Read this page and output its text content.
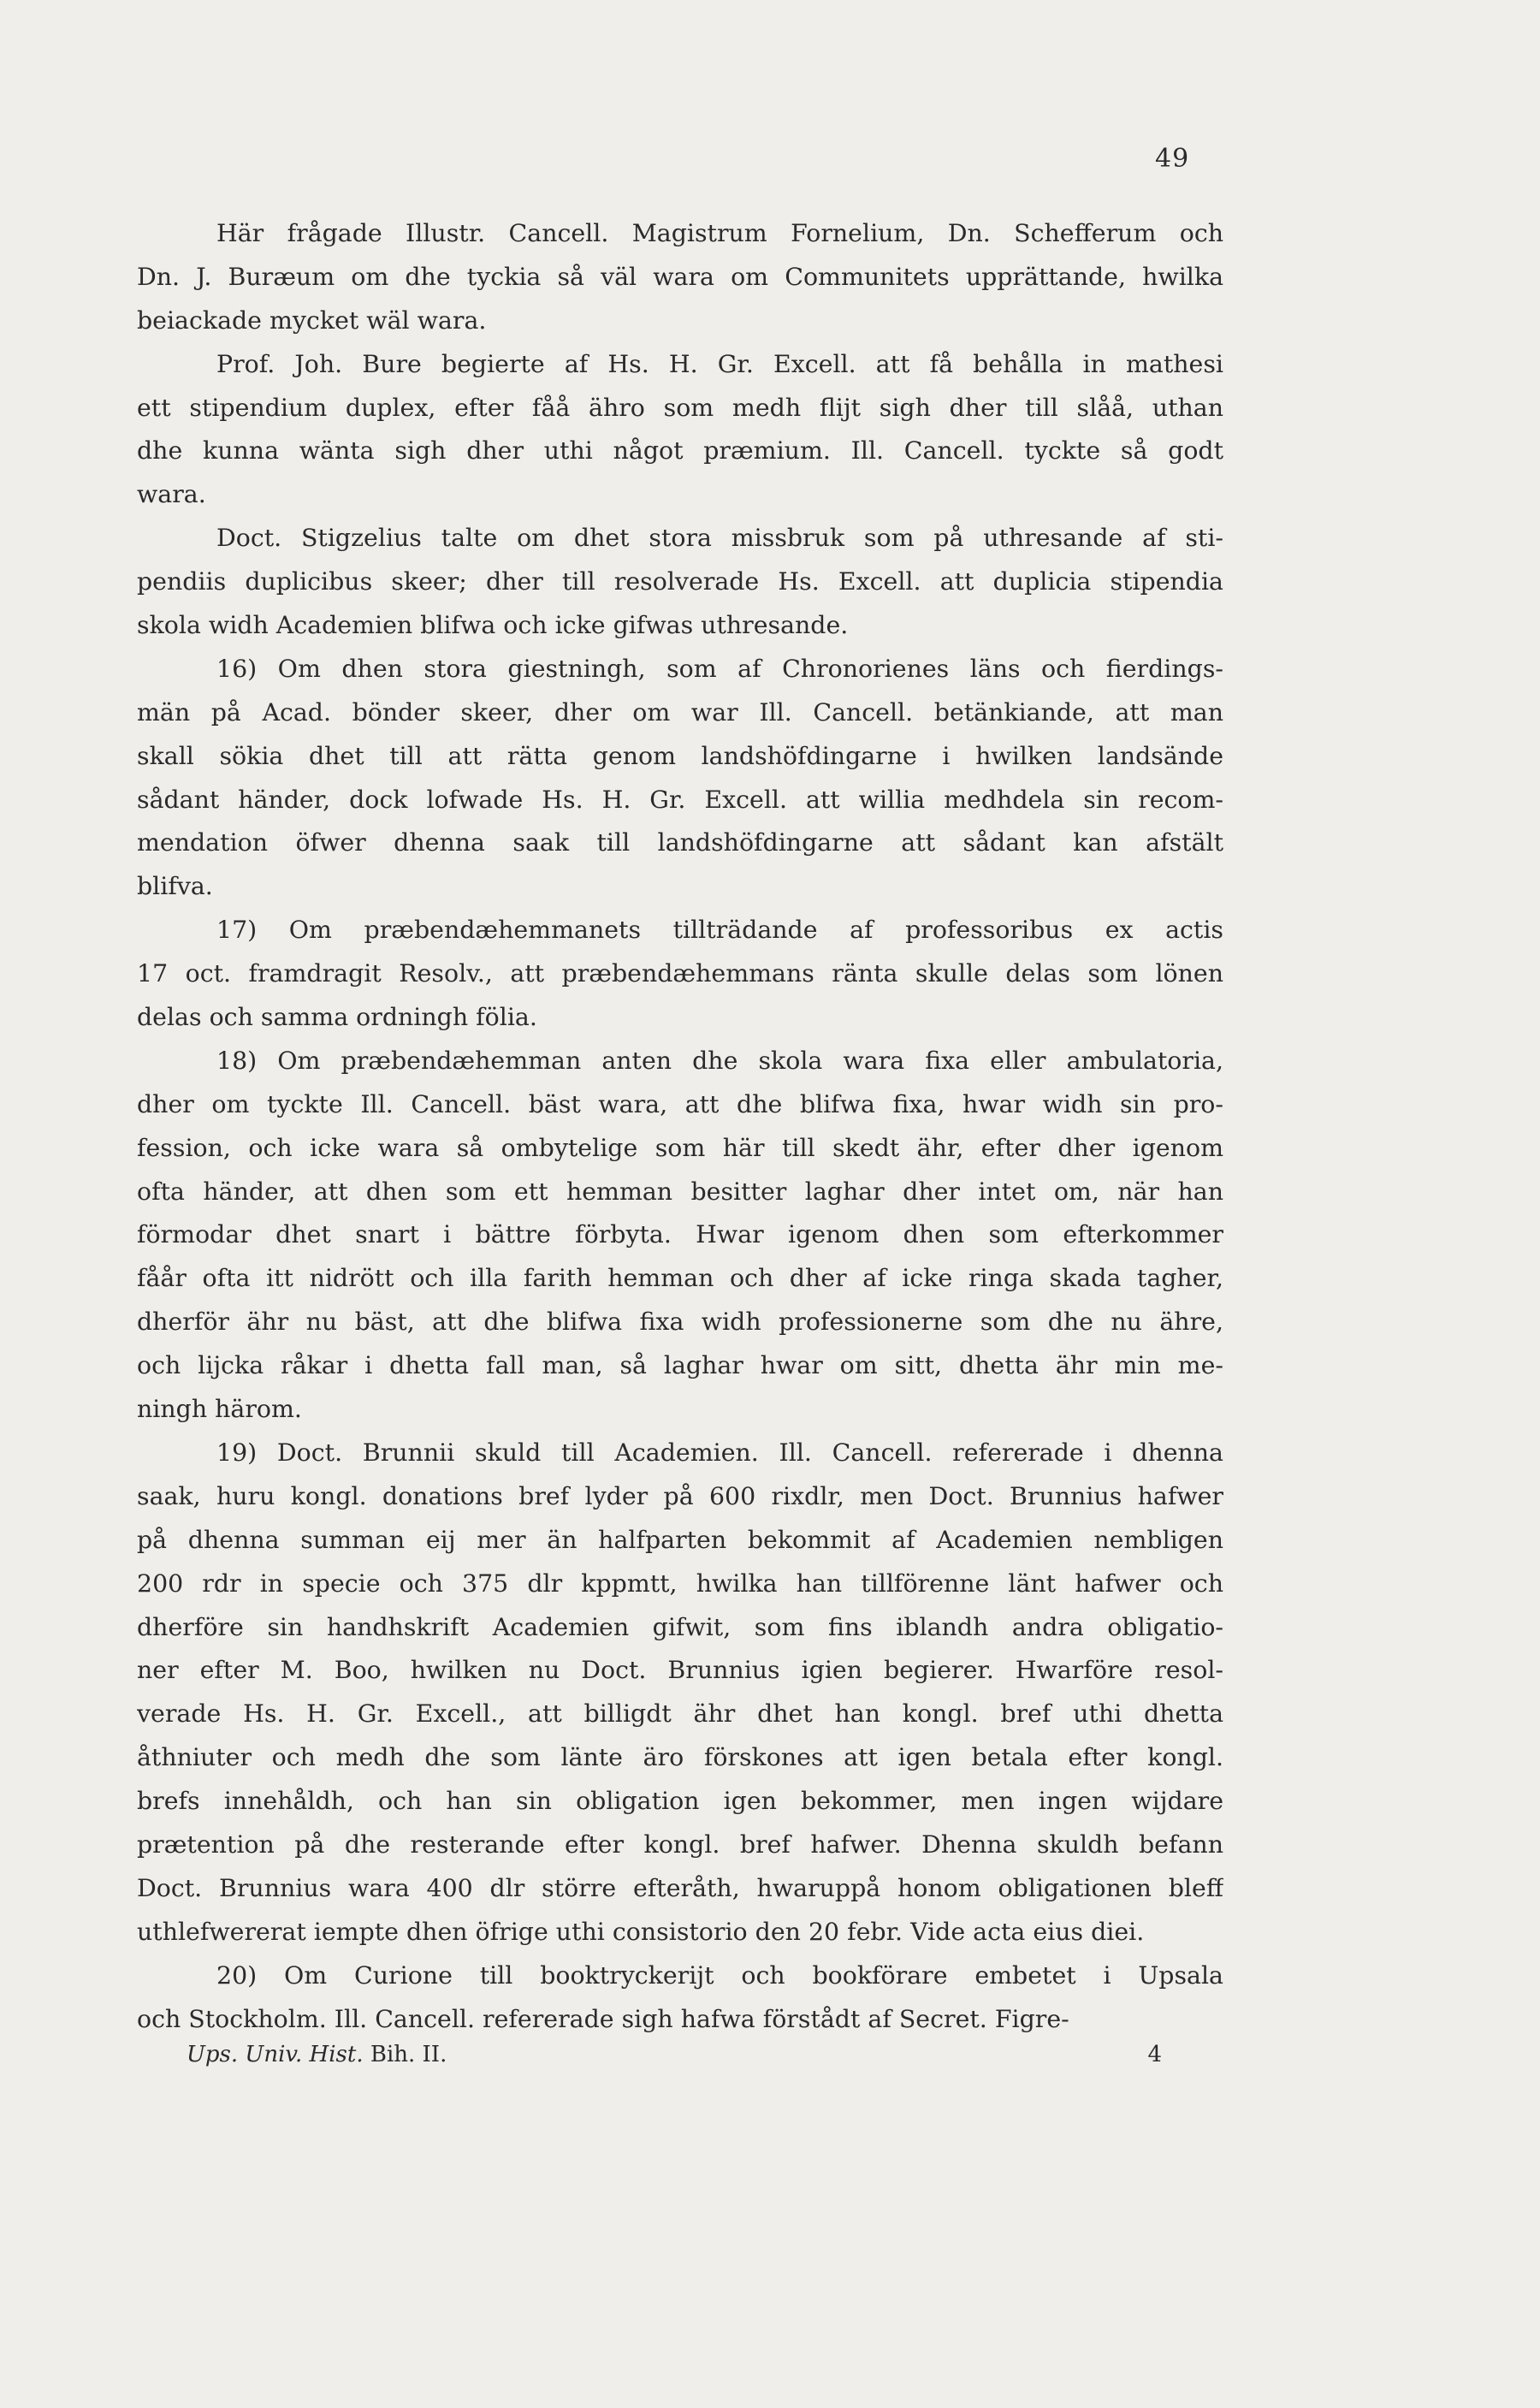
49
Här frågade Illustr. Cancell. Magistrum Fornelium, Dn. Schefferum och
Dn. J. Buræum om dhe tyckia så väl wara om Communitets upprättande, hwilka
beiackade mycket wäl wara.
Prof. Joh. Bure begierte af Hs. H. Gr. Excell. att få behålla in mathesi
ett stipendium duplex, efter fåå ähro som medh flijt sigh dher till slåå, uthan
dhe kunna wänta sigh dher uthi något præmium. Ill. Cancell. tyckte så godt
wara.
Doct. Stigzelius talte om dhet stora missbruk som på uthresande af sti-
pendiis duplicibus skeer; dher till resolverade Hs. Excell. att duplicia stipendia
skola widh Academien blifwa och icke gifwas uthresande.
16) Om dhen stora giestningh, som af Chronorienes läns och fierdings-
män på Acad. bönder skeer, dher om war Ill. Cancell. betänkiande, att man
skall sökia dhet till att rätta genom landshöfdingarne i hwilken landsände
sådant händer, dock lofwade Hs. H. Gr. Excell. att willia medhdela sin recom-
mendation öfwer dhenna saak till landshöfdingarne att sådant kan afstält
blifva.
17) Om præbendæhemmanets tillträdande af professoribus ex actis
17 oct. framdragit Resolv., att præbendæhemmans ränta skulle delas som lönen
delas och samma ordningh fölia.
18) Om præbendæhemman anten dhe skola wara fixa eller ambulatoria,
dher om tyckte Ill. Cancell. bäst wara, att dhe blifwa fixa, hwar widh sin pro-
fession, och icke wara så ombytelige som här till skedt ähr, efter dher igenom
ofta händer, att dhen som ett hemman besitter laghar dher intet om, när han
förmodar dhet snart i bättre förbyta. Hwar igenom dhen som efterkommer
fåår ofta itt nidrött och illa farith hemman och dher af icke ringa skada tagher,
dherför ähr nu bäst, att dhe blifwa fixa widh professionerne som dhe nu ähre,
och lijcka råkar i dhetta fall man, så laghar hwar om sitt, dhetta ähr min me-
ningh härom.
19) Doct. Brunnii skuld till Academien. Ill. Cancell. refererade i dhenna
saak, huru kongl. donations bref lyder på 600 rixdlr, men Doct. Brunnius hafwer
på dhenna summan eij mer än halfparten bekommit af Academien nembligen
200 rdr in specie och 375 dlr kppmtt, hwilka han tillförenne länt hafwer och
dherföre sin handhskrift Academien gifwit, som fins iblandh andra obligatio-
ner efter M. Boo, hwilken nu Doct. Brunnius igien begierer. Hwarföre resol-
verade Hs. H. Gr. Excell., att billigdt ähr dhet han kongl. bref uthi dhetta
åthniuter och medh dhe som länte äro förskones att igen betala efter kongl.
brefs innehåldh, och han sin obligation igen bekommer, men ingen wijdare
prætention på dhe resterande efter kongl. bref hafwer. Dhenna skuldh befann
Doct. Brunnius wara 400 dlr större efteråth, hwaruppå honom obligationen bleff
uthlefwererat iempte dhen öfrige uthi consistorio den 20 febr. Vide acta eius diei.
20) Om Curione till booktryckerijt och bookförare embetet i Upsala
och Stockholm. Ill. Cancell. refererade sigh hafwa förstådt af Secret. Figre-
Ups. Univ. Hist. Bih. II.	4
